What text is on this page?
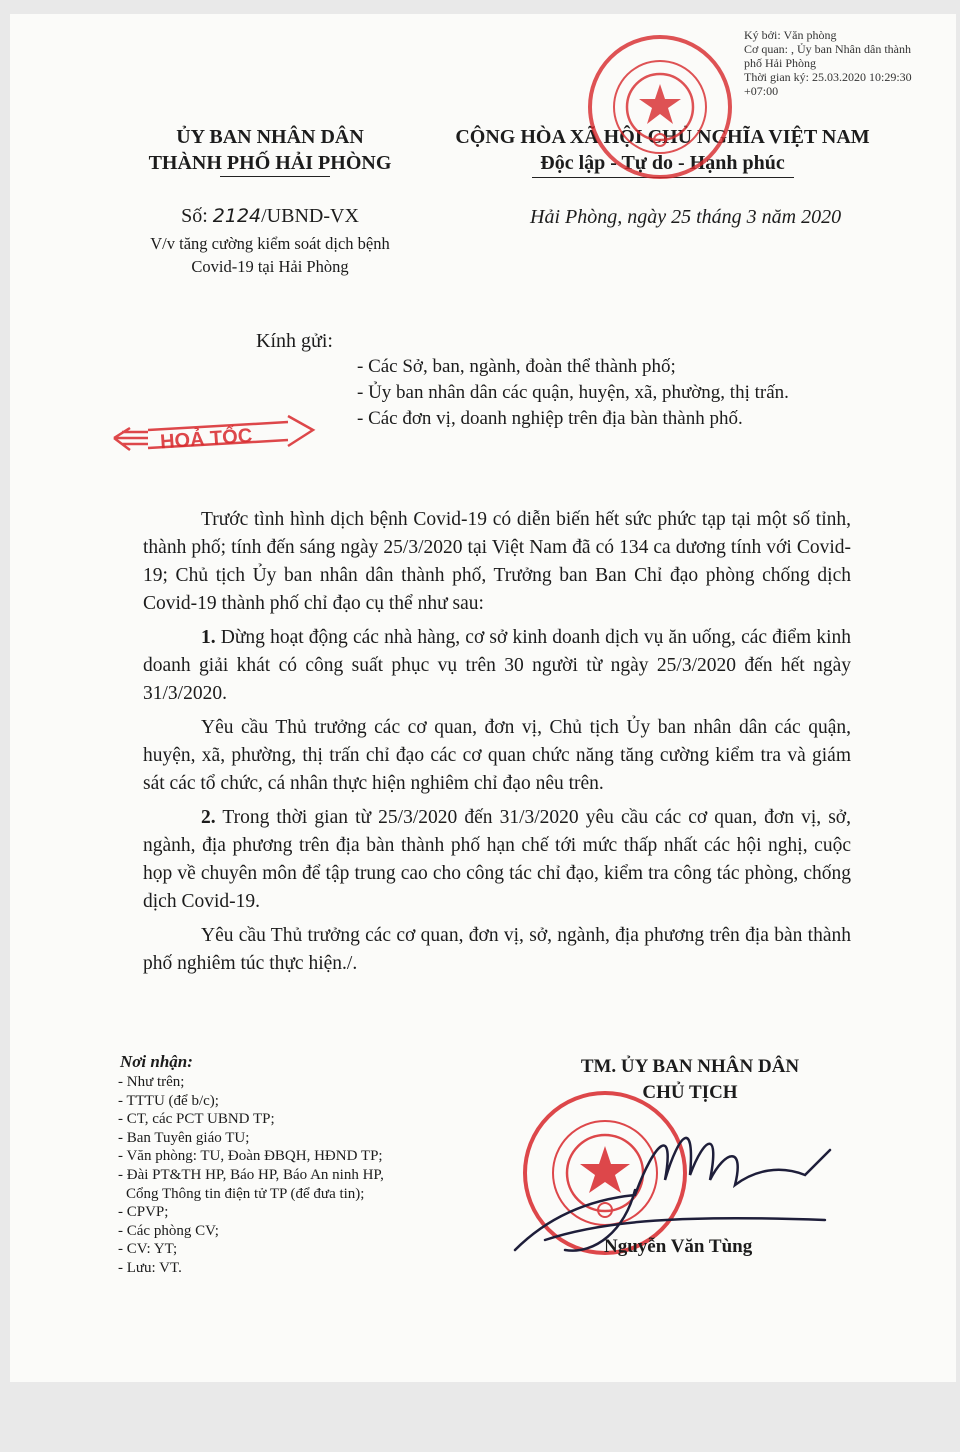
Ký bởi: Văn phòng
Cơ quan: , Ủy ban Nhân dân thành
phố Hải Phòng
Thời gian ký: 25.03.2020 10:29:30
+07:00
ỦY BAN NHÂN DÂN
THÀNH PHỐ HẢI PHÒNG
CỘNG HÒA XÃ HỘI CHỦ NGHĨA VIỆT NAM
Độc lập - Tự do - Hạnh phúc
Số: 2124/UBND-VX
V/v tăng cường kiểm soát dịch bệnh
Covid-19 tại Hải Phòng
Hải Phòng, ngày 25 tháng 3 năm 2020
Kính gửi:
- Các Sở, ban, ngành, đoàn thể thành phố;
- Ủy ban nhân dân các quận, huyện, xã, phường, thị trấn.
- Các đơn vị, doanh nghiệp trên địa bàn thành phố.
HOẢ TỐC

Trước tình hình dịch bệnh Covid-19 có diễn biến hết sức phức tạp tại một số tỉnh, thành phố; tính đến sáng ngày 25/3/2020 tại Việt Nam đã có 134 ca dương tính với Covid-19; Chủ tịch Ủy ban nhân dân thành phố, Trưởng ban Ban Chỉ đạo phòng chống dịch Covid-19 thành phố chỉ đạo cụ thể như sau:

1. Dừng hoạt động các nhà hàng, cơ sở kinh doanh dịch vụ ăn uống, các điểm kinh doanh giải khát có công suất phục vụ trên 30 người từ ngày 25/3/2020 đến hết ngày 31/3/2020.

Yêu cầu Thủ trưởng các cơ quan, đơn vị, Chủ tịch Ủy ban nhân dân các quận, huyện, xã, phường, thị trấn chỉ đạo các cơ quan chức năng tăng cường kiểm tra và giám sát các tổ chức, cá nhân thực hiện nghiêm chỉ đạo nêu trên.

2. Trong thời gian từ 25/3/2020 đến 31/3/2020 yêu cầu các cơ quan, đơn vị, sở, ngành, địa phương trên địa bàn thành phố hạn chế tới mức thấp nhất các hội nghị, cuộc họp về chuyên môn để tập trung cao cho công tác chỉ đạo, kiểm tra công tác phòng, chống dịch Covid-19.

Yêu cầu Thủ trưởng các cơ quan, đơn vị, sở, ngành, địa phương trên địa bàn thành phố nghiêm túc thực hiện./.

Nơi nhận:
- Như trên;
- TTTU (để b/c);
- CT, các PCT UBND TP;
- Ban Tuyên giáo TU;
- Văn phòng: TU, Đoàn ĐBQH, HĐND TP;
- Đài PT&TH HP, Báo HP, Báo An ninh HP,
Cổng Thông tin điện tử TP (để đưa tin);
- CPVP;
- Các phòng CV;
- CV: YT;
- Lưu: VT.
TM. ỦY BAN NHÂN DÂN
CHỦ TỊCH
Nguyễn Văn Tùng
